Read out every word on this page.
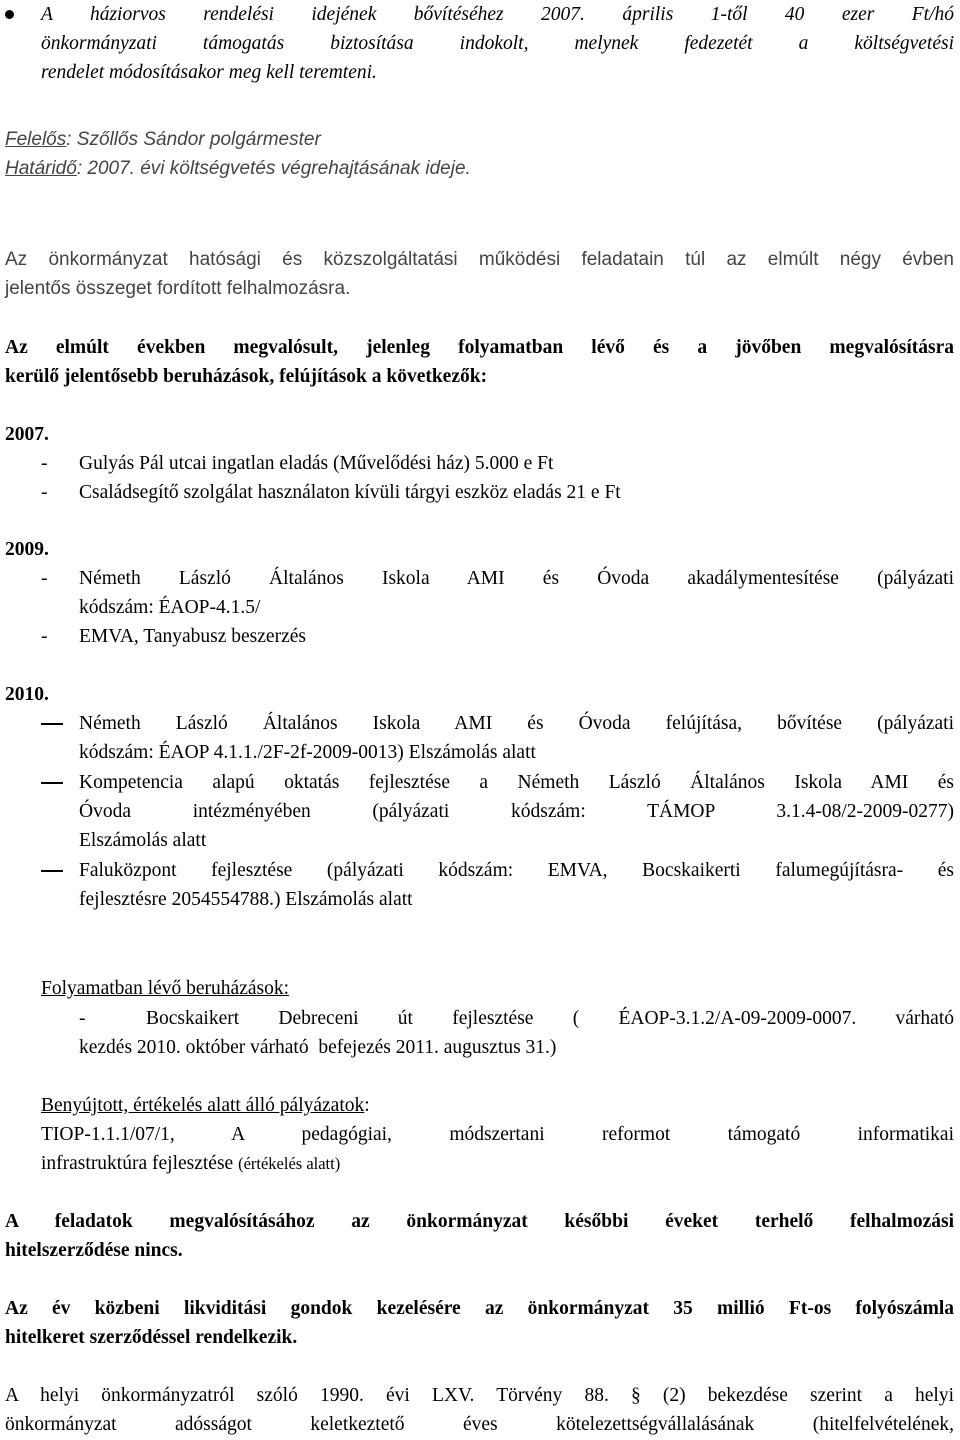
A háziorvos rendelési idejének bővítéséhez 2007. április 1-től 40 ezer Ft/hó
önkormányzati támogatás biztosítása indokolt, melynek fedezetét a költségvetési
rendelet módosításakor meg kell teremteni.
Felelős: Szőllős Sándor polgármester
Határidő: 2007. évi költségvetés végrehajtásának ideje.
Az önkormányzat hatósági és közszolgáltatási működési feladatain túl az elmúlt négy évben
jelentős összeget fordított felhalmozásra.
Az elmúlt években megvalósult, jelenleg folyamatban lévő és a jövőben megvalósításra
kerülő jelentősebb beruházások, felújítások a következők:
2007.
- Gulyás Pál utcai ingatlan eladás (Művelődési ház) 5.000 e Ft
- Családsegítő szolgálat használaton kívüli tárgyi eszköz eladás 21 e Ft
2009.
- Németh László Általános Iskola AMI és Óvoda akadálymentesítése (pályázati
kódszám: ÉAOP-4.1.5/
- EMVA, Tanyabusz beszerzés
2010.
Németh László Általános Iskola AMI és Óvoda felújítása, bővítése (pályázati
kódszám: ÉAOP 4.1.1./2F-2f-2009-0013) Elszámolás alatt
Kompetencia alapú oktatás fejlesztése a Németh László Általános Iskola AMI és
Óvoda intézményében (pályázati kódszám: TÁMOP 3.1.4-08/2-2009-0277)
Elszámolás alatt
Faluközpont fejlesztése (pályázati kódszám: EMVA, Bocskaikerti falumegújításra- és
fejlesztésre 2054554788.) Elszámolás alatt
Folyamatban lévő beruházások:
-	Bocskaikert Debreceni út fejlesztése ( ÉAOP-3.1.2/A-09-2009-0007. várható
kezdés 2010. október várható  befejezés 2011. augusztus 31.)
Benyújtott, értékelés alatt álló pályázatok:
TIOP-1.1.1/07/1, A pedagógiai, módszertani reformot támogató informatikai
infrastruktúra fejlesztése (értékelés alatt)
A feladatok megvalósításához az önkormányzat későbbi éveket terhelő felhalmozási
hitelszerződése nincs.
Az év közbeni likviditási gondok kezelésére az önkormányzat 35 millió Ft-os folyószámla
hitelkeret szerződéssel rendelkezik.
A helyi önkormányzatról szóló 1990. évi LXV. Törvény 88. § (2) bekezdése szerint a helyi
önkormányzat adósságot keletkeztető éves kötelezettségvállalásának (hitelfelvételének,
